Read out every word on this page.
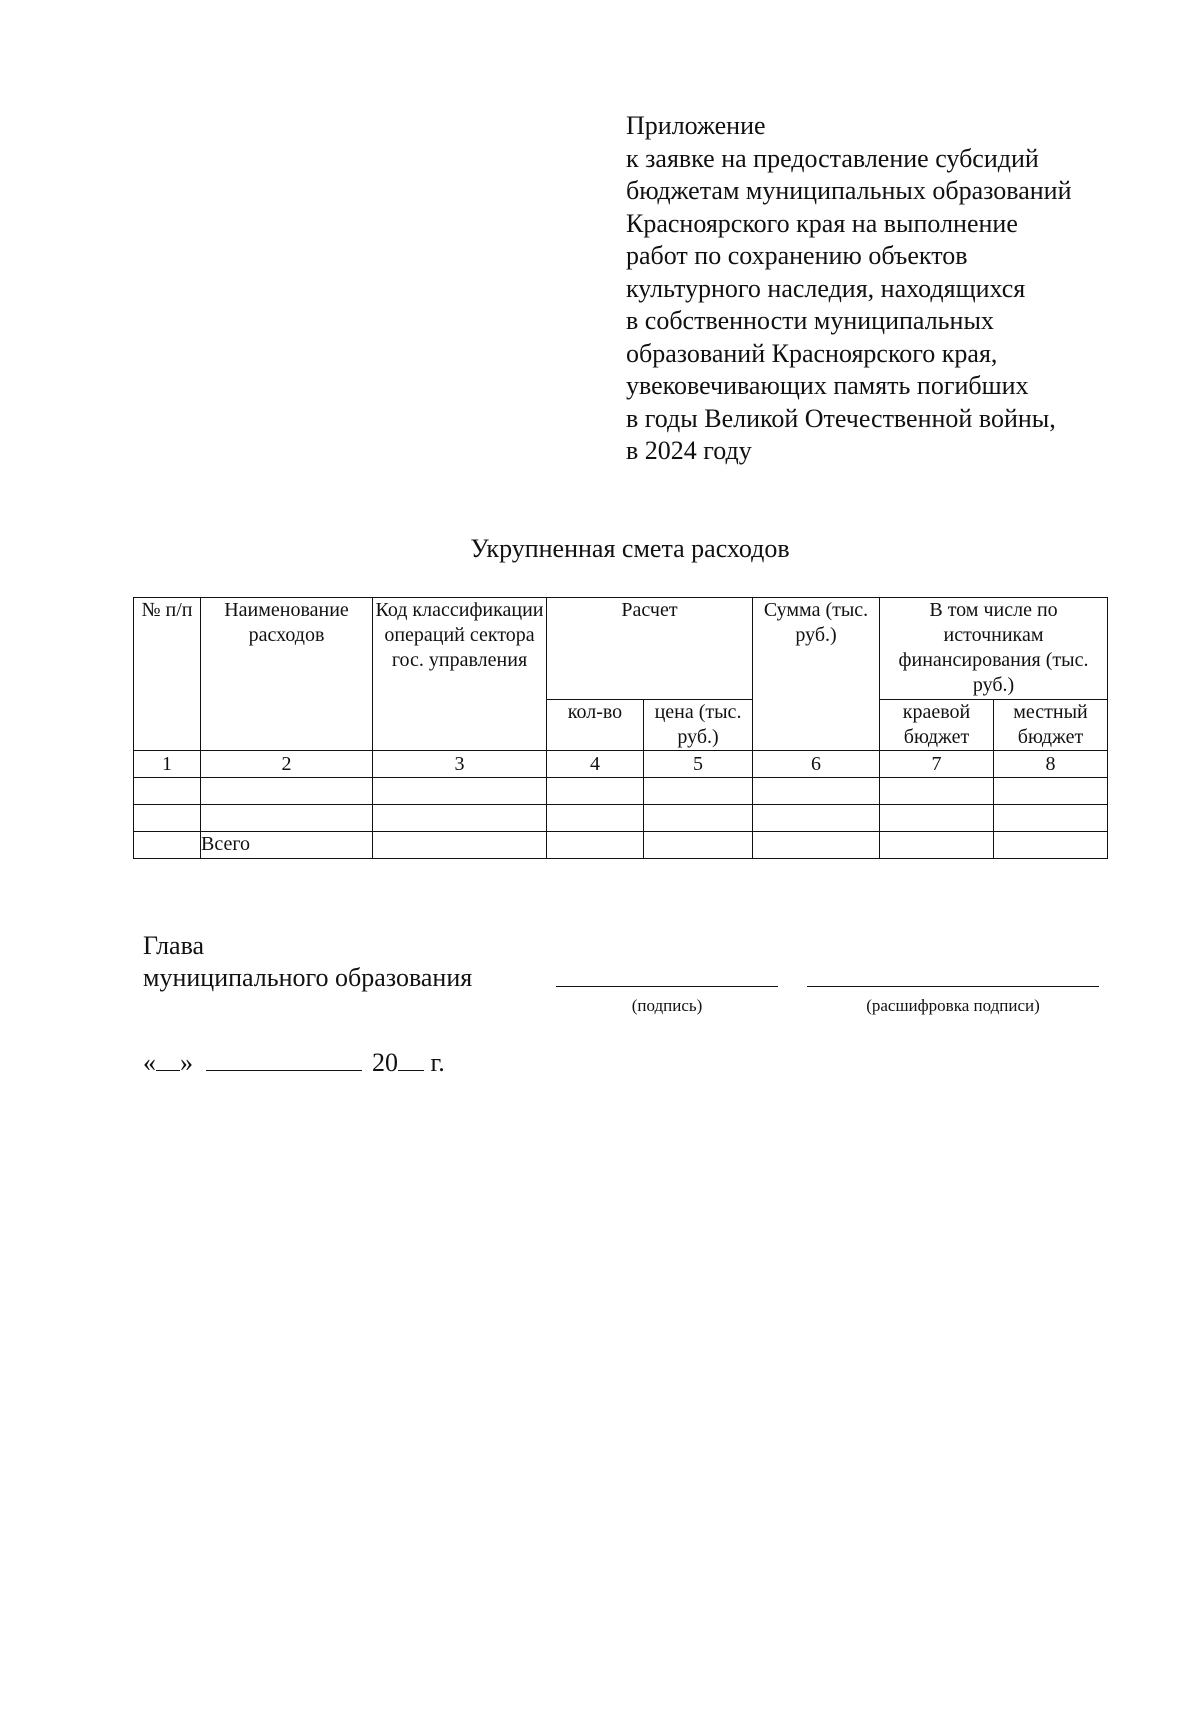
Приложение
к заявке на предоставление субсидий
бюджетам муниципальных образований
Красноярского края на выполнение
работ по сохранению объектов
культурного наследия, находящихся
в собственности муниципальных
образований Красноярского края,
увековечивающих память погибших
в годы Великой Отечественной войны,
в 2024 году
Укрупненная смета расходов
№ п/п	Наименование расходов	Код классификации операций сектора гос. управления	Расчет		Сумма (тыс. руб.)	В том числе по источникам финансирования (тыс. руб.)	
			кол-во	цена (тыс. руб.)		краевой бюджет	местный бюджет
1	2	3	4	5	6	7	8

	Всего						
Глава
муниципального образования
(подпись)	(расшифровка подписи)
« »	20 г.
